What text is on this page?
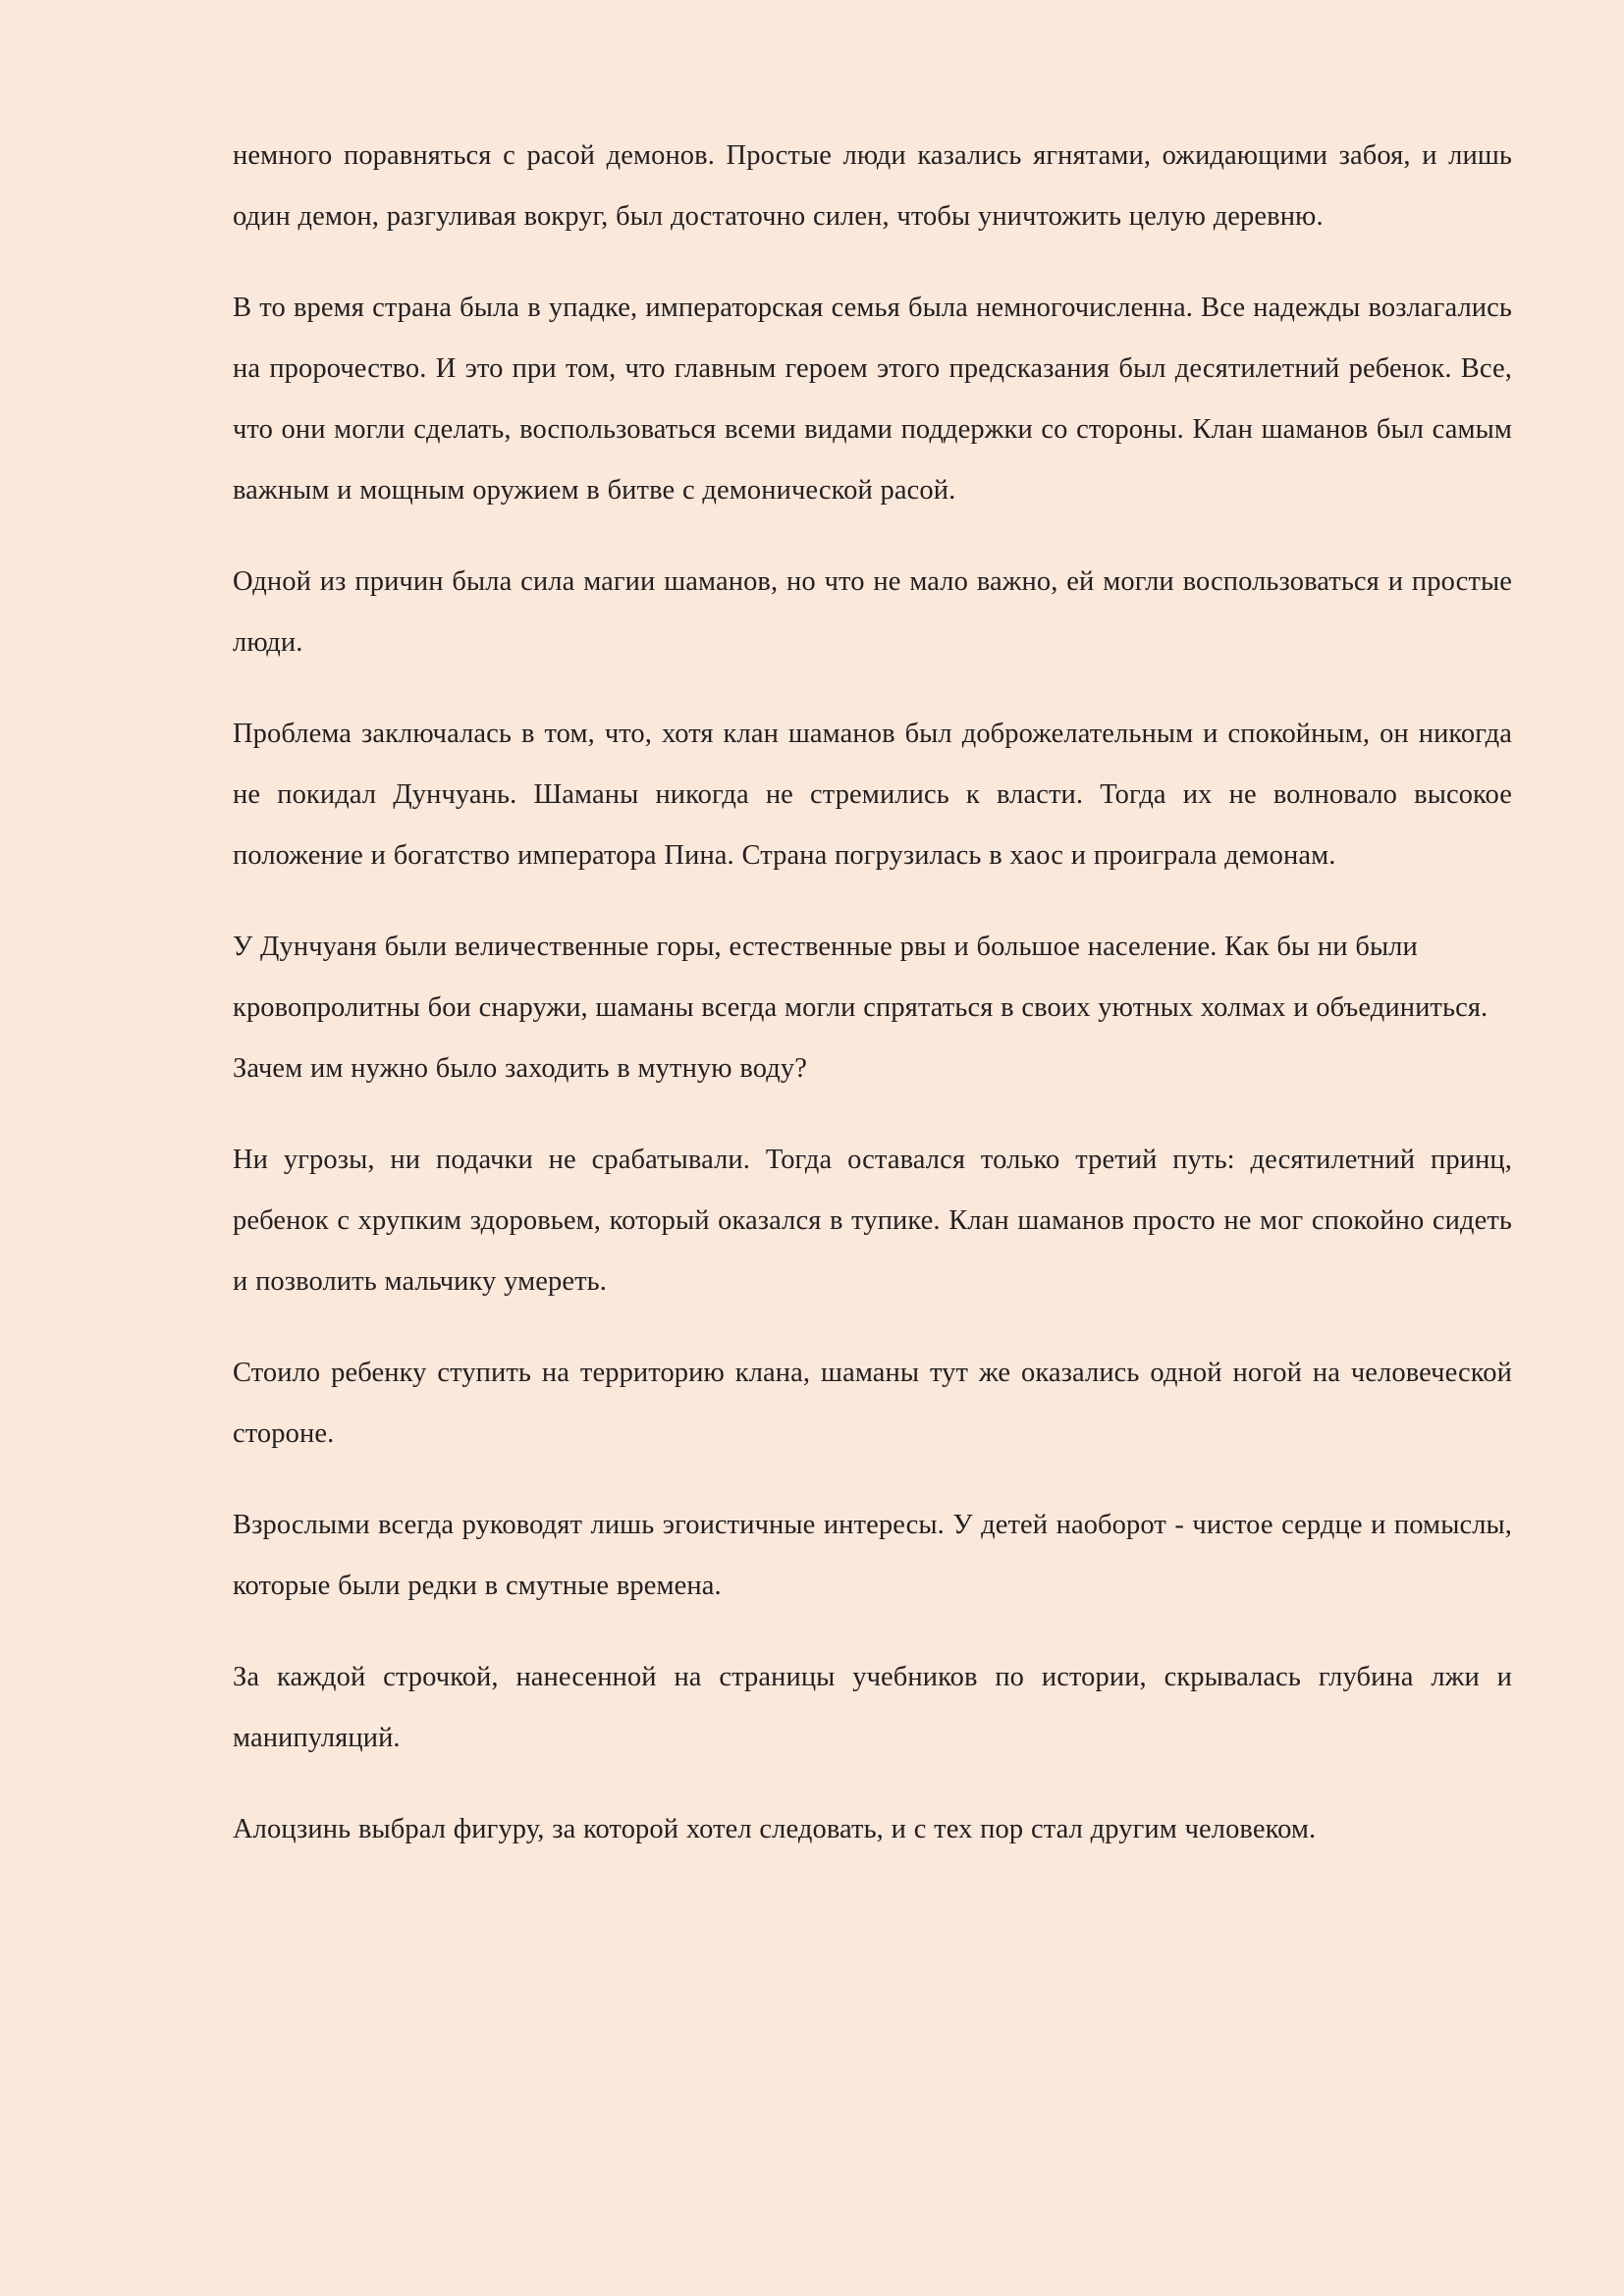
немного поравняться с расой демонов. Простые люди казались ягнятами, ожидающими забоя, и лишь один демон, разгуливая вокруг, был достаточно силен, чтобы уничтожить целую деревню.

В то время страна была в упадке, императорская семья была немногочисленна. Все надежды возлагались на пророчество. И это при том, что главным героем этого предсказания был десятилетний ребенок. Все, что они могли сделать, воспользоваться всеми видами поддержки со стороны. Клан шаманов был самым важным и мощным оружием в битве с демонической расой.

Одной из причин была сила магии шаманов, но что не мало важно, ей могли воспользоваться и простые люди.

Проблема заключалась в том, что, хотя клан шаманов был доброжелательным и спокойным, он никогда не покидал Дунчуань. Шаманы никогда не стремились к власти. Тогда их не волновало высокое положение и богатство императора Пина. Страна погрузилась в хаос и проиграла демонам.

У Дунчуаня были величественные горы, естественные рвы и большое население. Как бы ни были кровопролитны бои снаружи, шаманы всегда могли спрятаться в своих уютных холмах и объединиться. Зачем им нужно было заходить в мутную воду?

Ни угрозы, ни подачки не срабатывали. Тогда оставался только третий путь: десятилетний принц, ребенок с хрупким здоровьем, который оказался в тупике. Клан шаманов просто не мог спокойно сидеть и позволить мальчику умереть.

Стоило ребенку ступить на территорию клана, шаманы тут же оказались одной ногой на человеческой стороне.

Взрослыми всегда руководят лишь эгоистичные интересы. У детей наоборот - чистое сердце и помыслы, которые были редки в смутные времена.

За каждой строчкой, нанесенной на страницы учебников по истории, скрывалась глубина лжи и манипуляций.

Алоцзинь выбрал фигуру, за которой хотел следовать, и с тех пор стал другим человеком.
